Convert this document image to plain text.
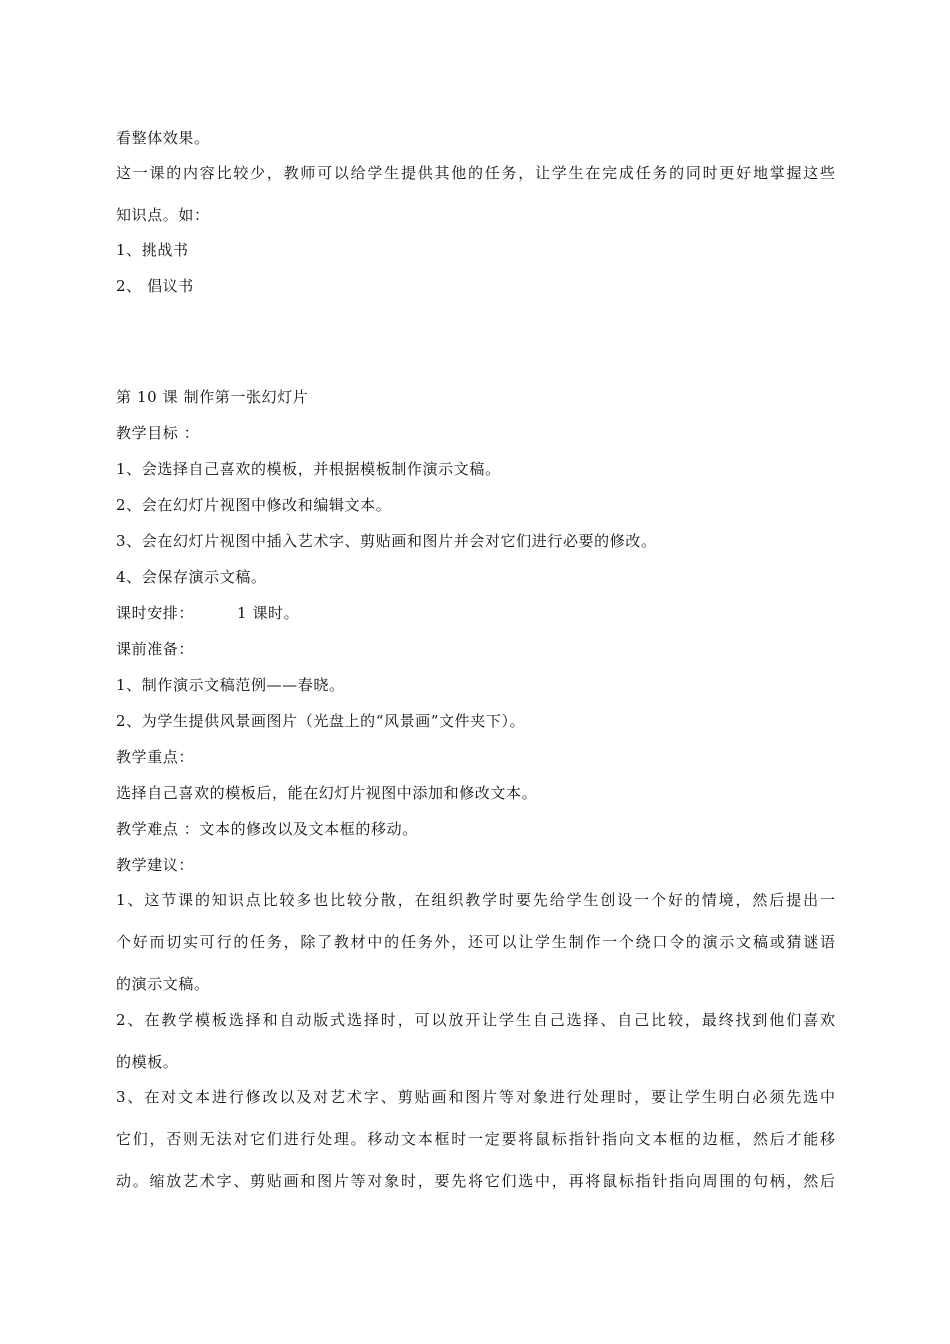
看整体效果。
这一课的内容比较少，教师可以给学生提供其他的任务，让学生在完成任务的同时更好地掌握这些
知识点。如：
1、挑战书
2、 倡议书
第 10 课 制作第一张幻灯片
教学目标 ：
1、会选择自己喜欢的模板，并根据模板制作演示文稿。
2、会在幻灯片视图中修改和编辑文本。
3、会在幻灯片视图中插入艺术字、剪贴画和图片并会对它们进行必要的修改。
4、会保存演示文稿。
课时安排：        1 课时。
课前准备：
1、制作演示文稿范例——春晓。
2、为学生提供风景画图片（光盘上的“风景画”文件夹下）。
教学重点：
选择自己喜欢的模板后，能在幻灯片视图中添加和修改文本。
教学难点 ：文本的修改以及文本框的移动。
教学建议：
1、这节课的知识点比较多也比较分散，在组织教学时要先给学生创设一个好的情境，然后提出一
个好而切实可行的任务，除了教材中的任务外，还可以让学生制作一个绕口令的演示文稿或猜谜语
的演示文稿。
2、在教学模板选择和自动版式选择时，可以放开让学生自己选择、自己比较，最终找到他们喜欢
的模板。
3、在对文本进行修改以及对艺术字、剪贴画和图片等对象进行处理时，要让学生明白必须先选中
它们，否则无法对它们进行处理。移动文本框时一定要将鼠标指针指向文本框的边框，然后才能移
动。缩放艺术字、剪贴画和图片等对象时，要先将它们选中，再将鼠标指针指向周围的句柄，然后
